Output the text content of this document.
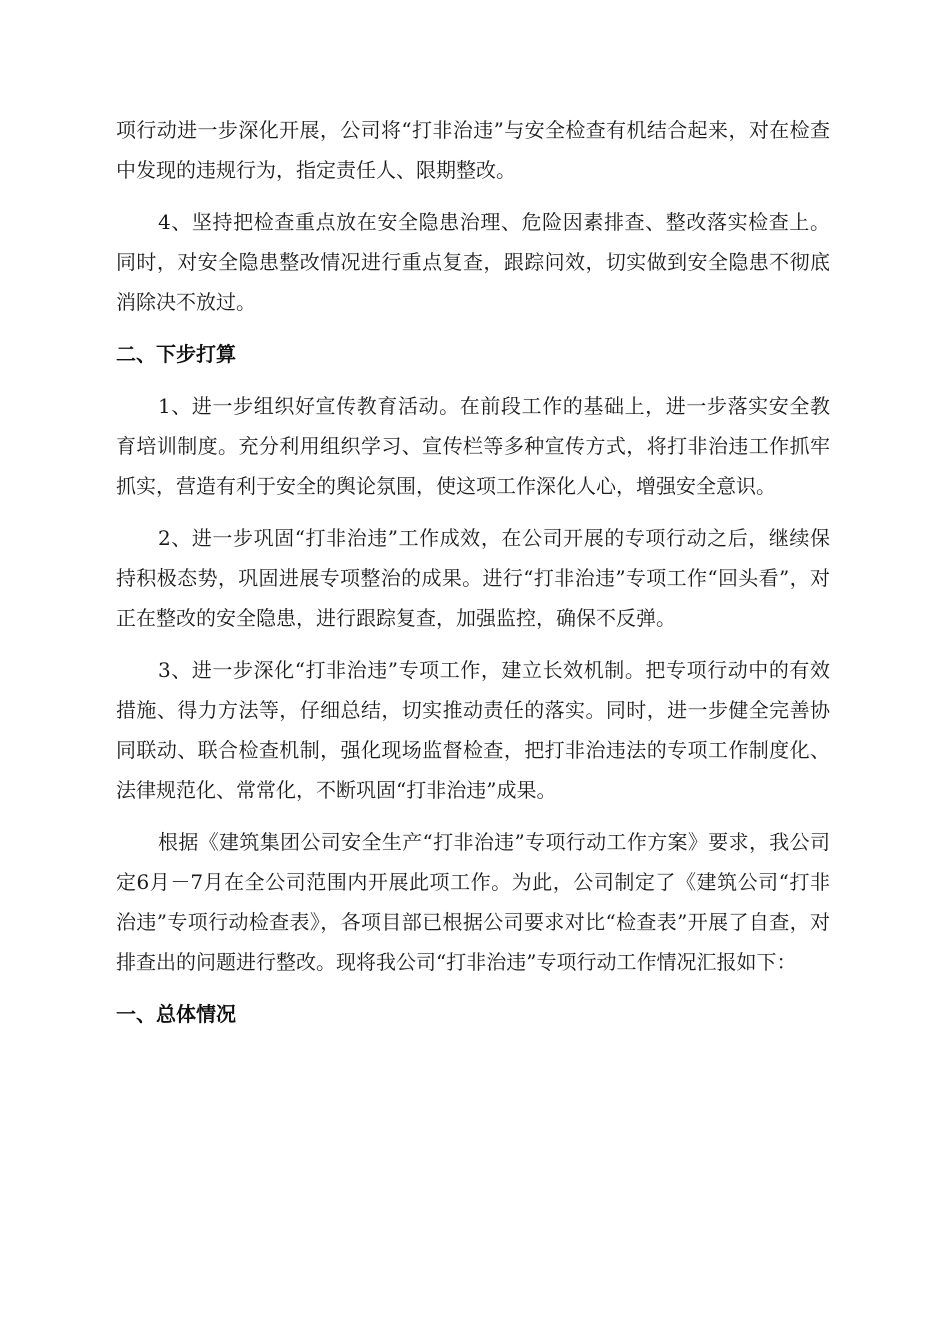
项行动进一步深化开展，公司将“打非治违”与安全检查有机结合起来，对在检查中发现的违规行为，指定责任人、限期整改。

4、坚持把检查重点放在安全隐患治理、危险因素排查、整改落实检查上。同时，对安全隐患整改情况进行重点复查，跟踪问效，切实做到安全隐患不彻底消除决不放过。

二、下步打算

1、进一步组织好宣传教育活动。在前段工作的基础上，进一步落实安全教育培训制度。充分利用组织学习、宣传栏等多种宣传方式，将打非治违工作抓牢抓实，营造有利于安全的舆论氛围，使这项工作深化人心，增强安全意识。

2、进一步巩固“打非治违”工作成效，在公司开展的专项行动之后，继续保持积极态势，巩固进展专项整治的成果。进行“打非治违”专项工作“回头看”，对正在整改的安全隐患，进行跟踪复查，加强监控，确保不反弹。

3、进一步深化“打非治违”专项工作，建立长效机制。把专项行动中的有效措施、得力方法等，仔细总结，切实推动责任的落实。同时，进一步健全完善协同联动、联合检查机制，强化现场监督检查，把打非治违法的专项工作制度化、法律规范化、常常化，不断巩固“打非治违”成果。

根据《建筑集团公司安全生产“打非治违”专项行动工作方案》要求，我公司定6月－7月在全公司范围内开展此项工作。为此，公司制定了《建筑公司“打非治违”专项行动检查表》，各项目部已根据公司要求对比“检查表”开展了自查，对排查出的问题进行整改。现将我公司“打非治违”专项行动工作情况汇报如下：

一、总体情况
